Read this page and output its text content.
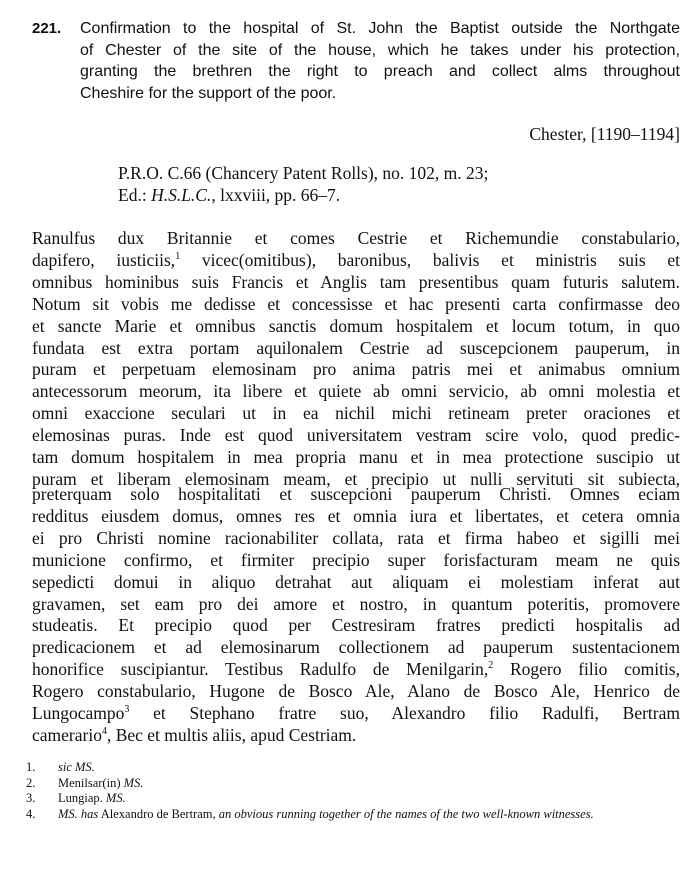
221. Confirmation to the hospital of St. John the Baptist outside the Northgate
of Chester of the site of the house, which he takes under his protection,
granting the brethren the right to preach and collect alms throughout
Cheshire for the support of the poor.
Chester, [1190–1194]
P.R.O. C.66 (Chancery Patent Rolls), no. 102, m. 23;
Ed.: H.S.L.C., lxxviii, pp. 66–7.
Ranulfus dux Britannie et comes Cestrie et Richemundie constabulario,
dapifero, iusticiis,$^1$ vicec(omitibus), baronibus, balivis et ministris suis et
omnibus hominibus suis Francis et Anglis tam presentibus quam futuris salutem.
Notum sit vobis me dedisse et concessisse et hac presenti carta confirmasse deo
et sancte Marie et omnibus sanctis domum hospitalem et locum totum, in quo
fundata est extra portam aquilonalem Cestrie ad suscepcionem pauperum, in
puram et perpetuam elemosinam pro anima patris mei et animabus omnium
antecessorum meorum, ita libere et quiete ab omni servicio, ab omni molestia et
omni exaccione seculari ut in ea nichil michi retineam preter oraciones et
elemosinas puras. Inde est quod universitatem vestram scire volo, quod predic-
tam domum hospitalem in mea propria manu et in mea protectione suscipio ut
puram et liberam elemosinam meam, et precipio ut nulli servituti sit subiecta,
preterquam solo hospitalitati et suscepcioni pauperum Christi. Omnes eciam
redditus eiusdem domus, omnes res et omnia iura et libertates, et cetera omnia
ei pro Christi nomine racionabiliter collata, rata et firma habeo et sigilli mei
municione confirmo, et firmiter precipio super forisfacturam meam ne quis
sepedicti domui in aliquo detrahat aut aliquam ei molestiam inferat aut
gravamen, set eam pro dei amore et nostro, in quantum poteritis, promovere
studeatis. Et precipio quod per Cestresiram fratres predicti hospitalis ad
predicacionem et ad elemosinarum collectionem ad pauperum sustentacionem
honorifice suscipiantur. Testibus Radulfo de Menilgarin,$^2$ Rogero filio comitis,
Rogero constabulario, Hugone de Bosco Ale, Alano de Bosco Ale, Henrico de
Lungocampo$^3$ et Stephano fratre suo, Alexandro filio Radulfi, Bertram
camerario$^4$, Bec et multis aliis, apud Cestriam.
1.	sic MS.
2.	Menilsar(in) MS.
3.	Lungiap. MS.
4.	MS. has Alexandro de Bertram, an obvious running together of the names of the two well-known witnesses.
